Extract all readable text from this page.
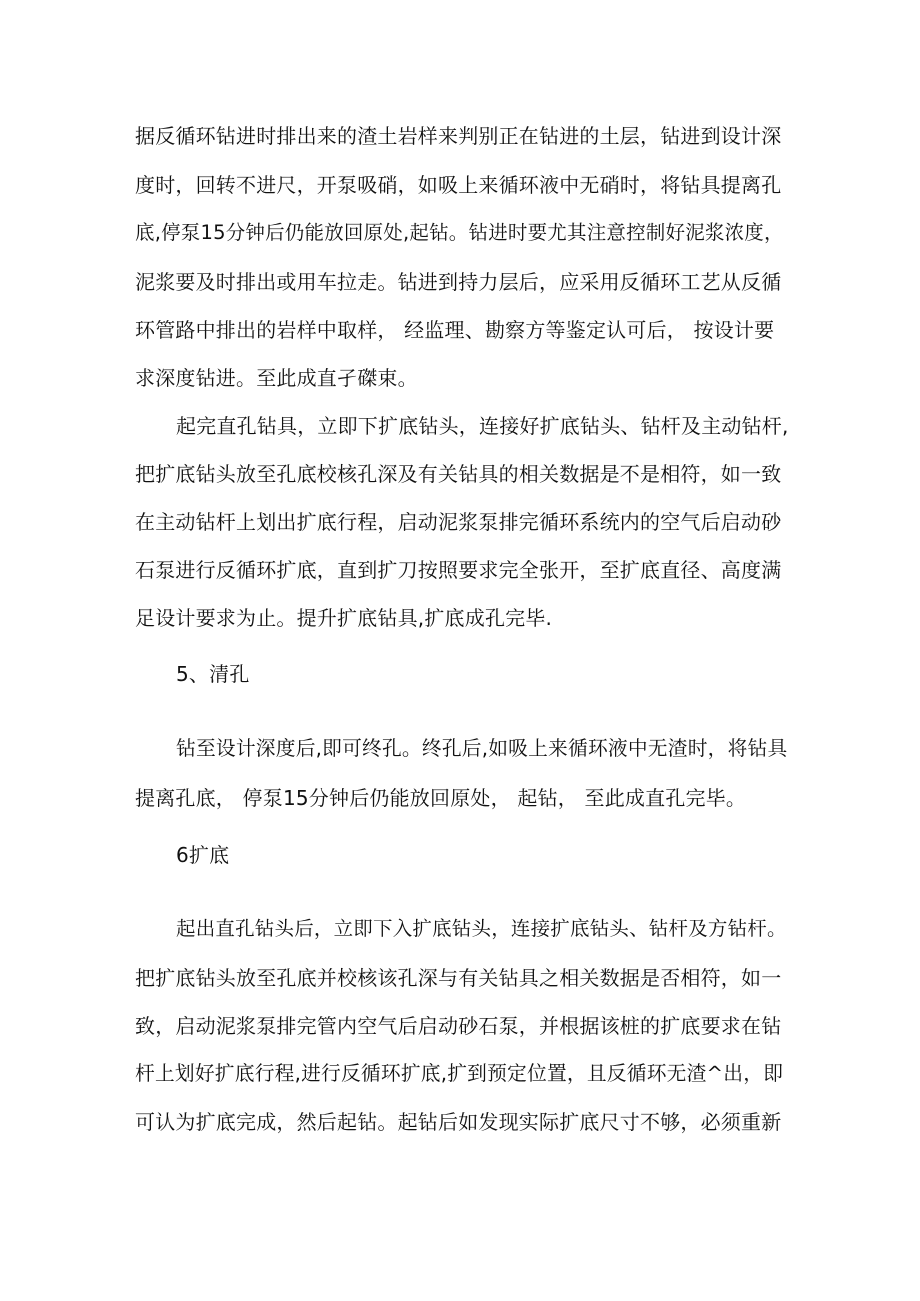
据反循环钻进时排出来的渣土岩样来判别正在钻进的土层，钻进到设计深
度时，回转不进尺，开泵吸硝，如吸上来循环液中无硝时，将钻具提离孔
底,停泵15分钟后仍能放回原处,起钻。钻进时要尤其注意控制好泥浆浓度，
泥浆要及时排出或用车拉走。钻进到持力层后，应采用反循环工艺从反循
环管路中排出的岩样中取样， 经监理、勘察方等鉴定认可后， 按设计要
求深度钻进。至此成直孑磔束。
起完直孔钻具，立即下扩底钻头，连接好扩底钻头、钻杆及主动钻杆,
把扩底钻头放至孔底校核孔深及有关钻具的相关数据是不是相符，如一致
在主动钻杆上划出扩底行程，启动泥浆泵排完循环系统内的空气后启动砂
石泵进行反循环扩底，直到扩刀按照要求完全张开，至扩底直径、高度满
足设计要求为止。提升扩底钻具,扩底成孔完毕.
5、清孔
钻至设计深度后,即可终孔。终孔后,如吸上来循环液中无渣时，将钻具
提离孔底， 停泵15分钟后仍能放回原处， 起钻， 至此成直孔完毕。
6扩底
起出直孔钻头后，立即下入扩底钻头，连接扩底钻头、钻杆及方钻杆。
把扩底钻头放至孔底并校核该孔深与有关钻具之相关数据是否相符，如一
致，启动泥浆泵排完管内空气后启动砂石泵，并根据该桩的扩底要求在钻
杆上划好扩底行程,进行反循环扩底,扩到预定位置，且反循环无渣^出，即
可认为扩底完成，然后起钻。起钻后如发现实际扩底尺寸不够，必须重新
